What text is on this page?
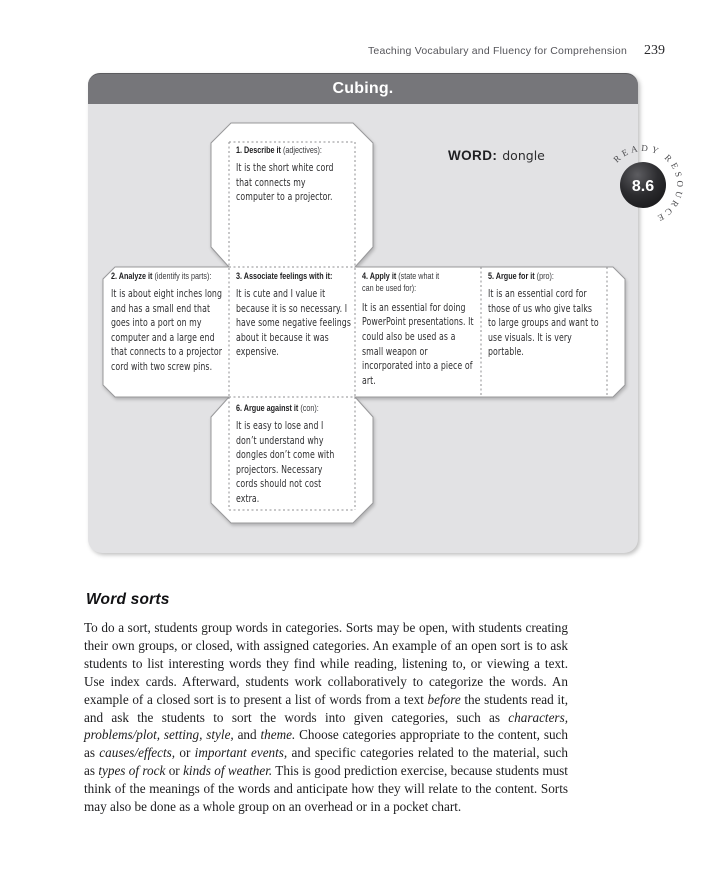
Teaching Vocabulary and Fluency for Comprehension 239
Cubing.
WORD: dongle
1. Describe it (adjectives):
It is the short white cord that connects my computer to a projector.
2. Analyze it (identify its parts):
It is about eight inches long and has a small end that goes into a port on my computer and a large end that connects to a projector cord with two screw pins.
3. Associate feelings with it:
It is cute and I value it because it is so necessary. I have some negative feelings about it because it was expensive.
4. Apply it (state what it can be used for):
It is an essential for doing PowerPoint presentations. It could also be used as a small weapon or incorporated into a piece of art.
5. Argue for it (pro):
It is an essential cord for those of us who give talks to large groups and want to use visuals. It is very portable.
6. Argue against it (con):
It is easy to lose and I don’t understand why dongles don’t come with projectors. Necessary cords should not cost extra.
READY RESOURCE
8.6
Word sorts
To do a sort, students group words in categories. Sorts may be open, with students creating their own groups, or closed, with assigned categories. An example of an open sort is to ask students to list interesting words they find while reading, listening to, or viewing a text. Use index cards. Afterward, students work collaboratively to categorize the words. An example of a closed sort is to present a list of words from a text before the students read it, and ask the students to sort the words into given categories, such as characters, problems/plot, setting, style, and theme. Choose categories appropriate to the content, such as causes/effects, or important events, and specific categories related to the material, such as types of rock or kinds of weather. This is good prediction exercise, because students must think of the meanings of the words and anticipate how they will relate to the content. Sorts may also be done as a whole group on an overhead or in a pocket chart.
